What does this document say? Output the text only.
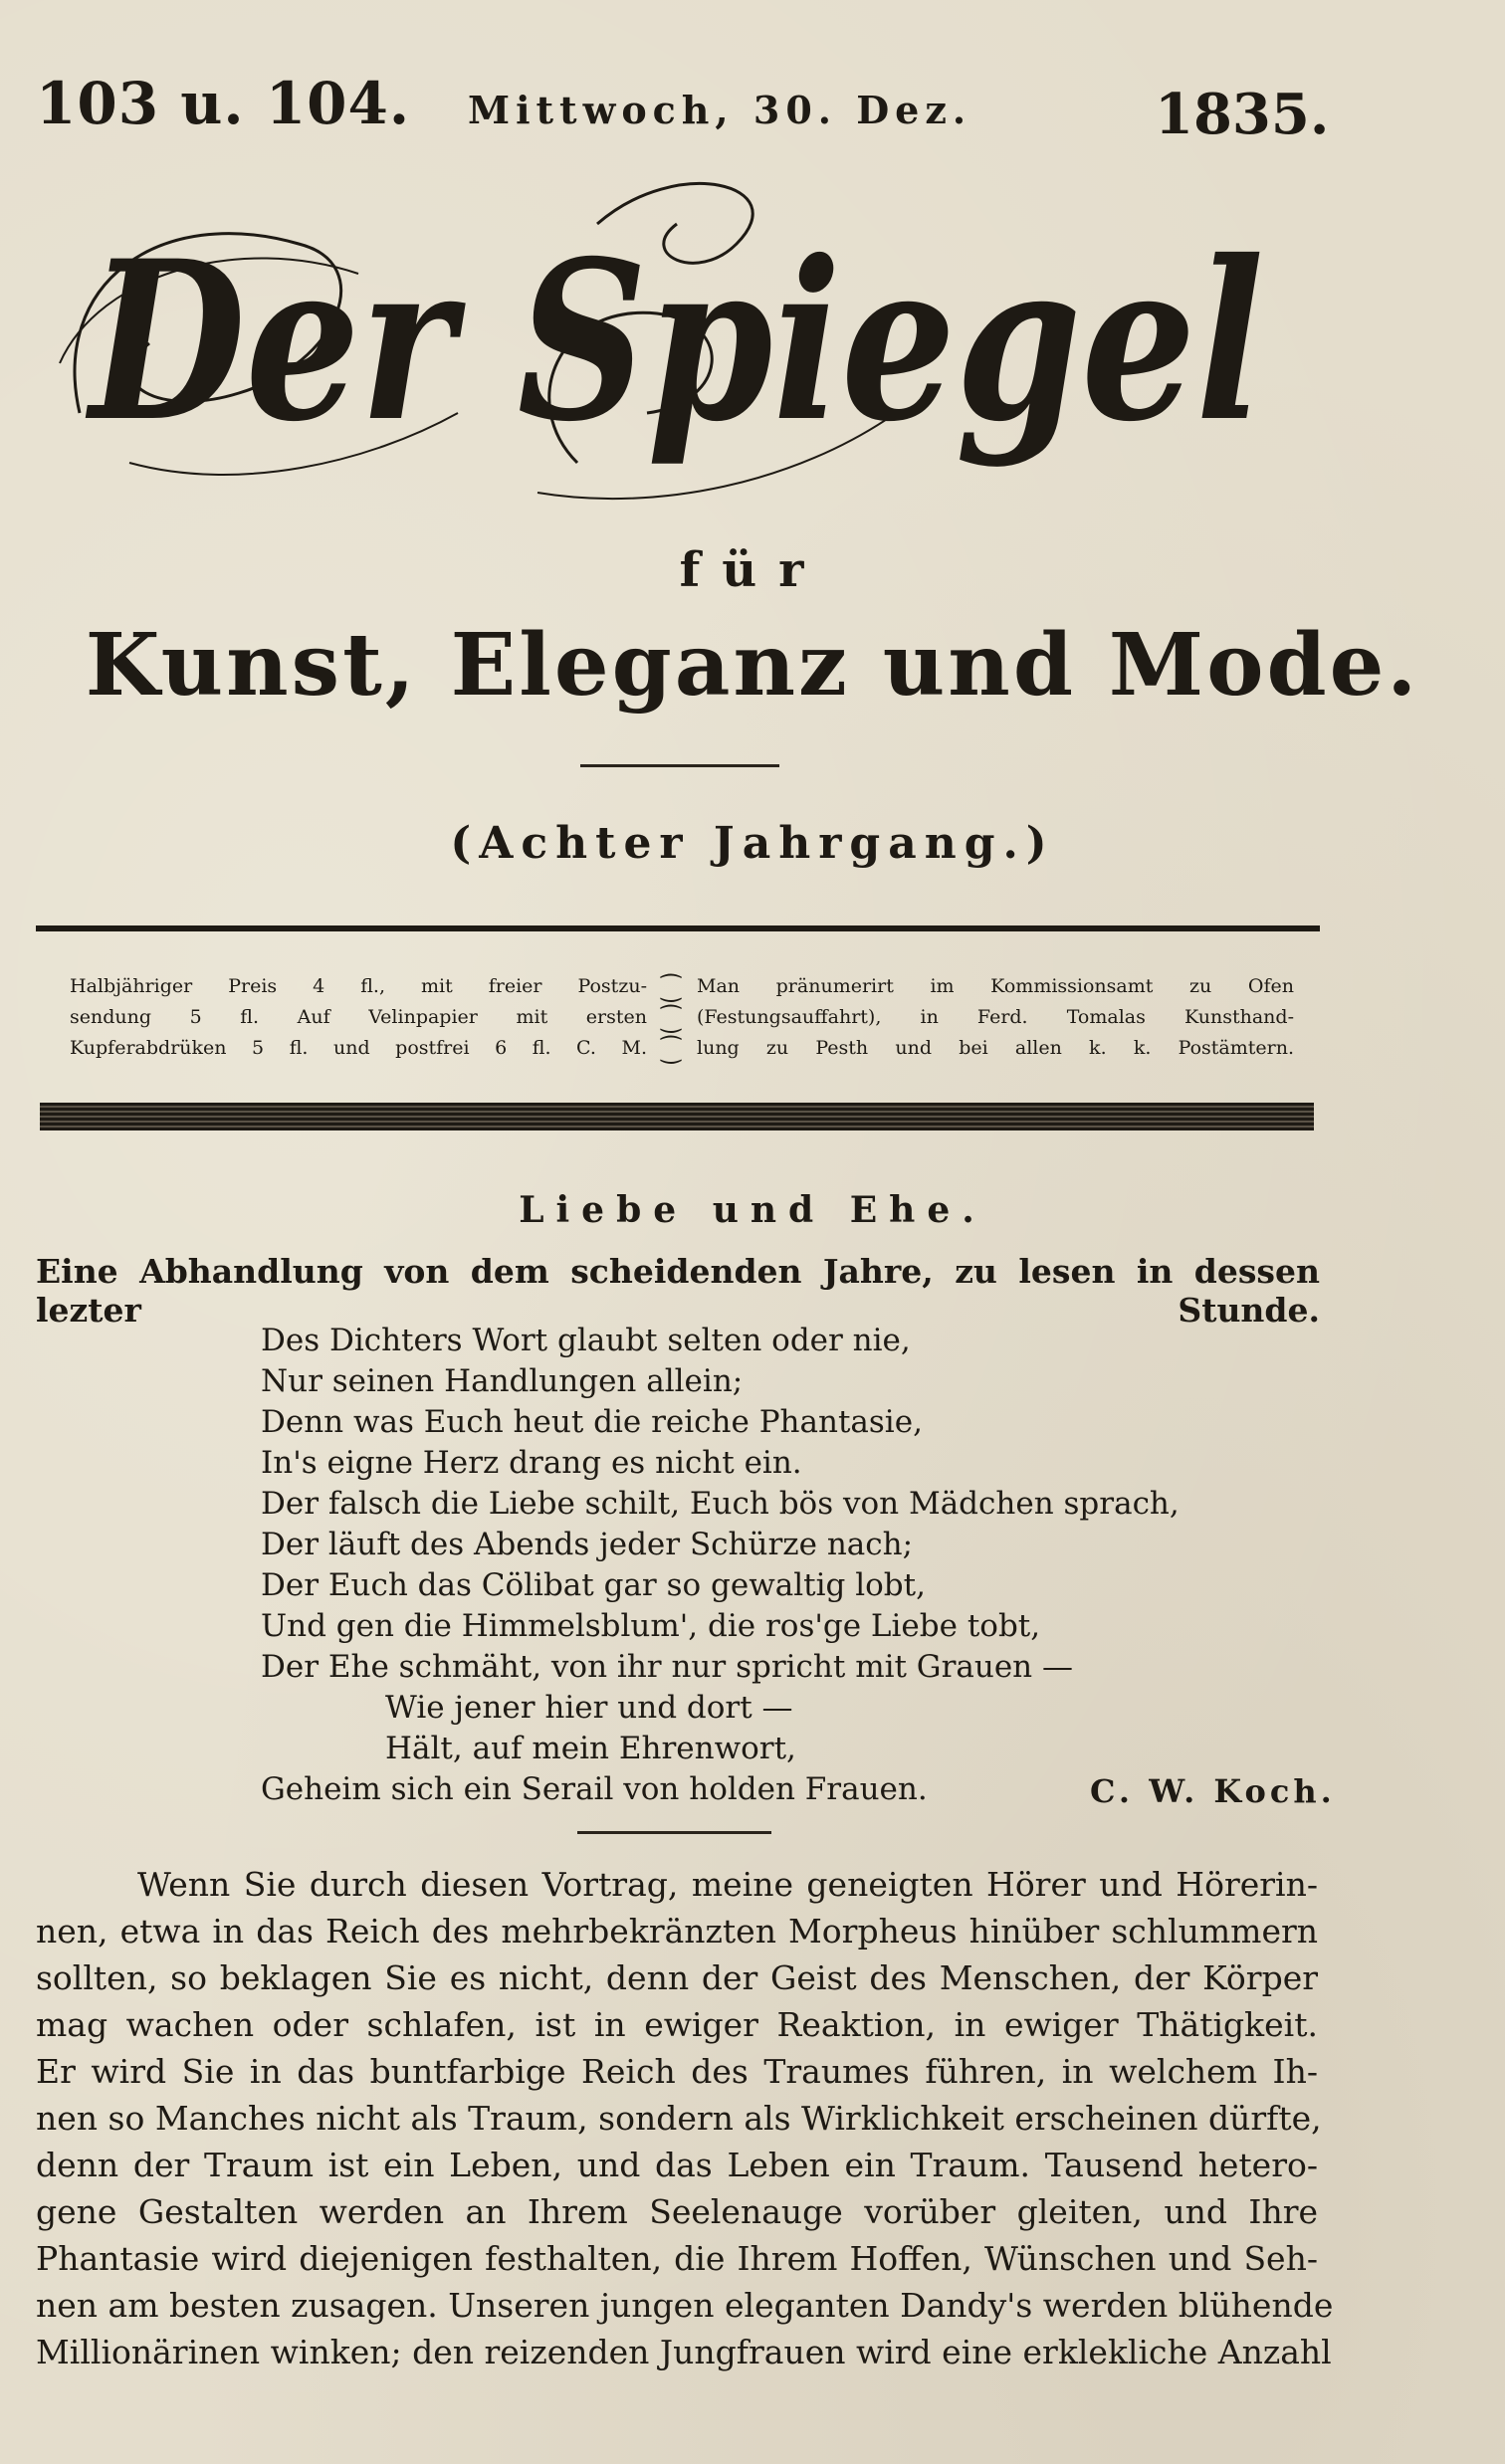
103 u. 104. Mittwoch, 30. Dez.	1835.
Der Spiegel
für
Kunst, Eleganz und Mode.
(Achter Jahrgang.)
Halbjähriger Preis 4 fl., mit freier Postzu-
sendung 5 fl. Auf Velinpapier mit ersten
Kupferabdrüken 5 fl. und postfrei 6 fl. C. M.
⁐
⁐
⁐
Man pränumerirt im Kommissionsamt zu Ofen
(Festungsauffahrt), in Ferd. Tomalas Kunsthand-
lung zu Pesth und bei allen k. k. Postämtern.
Liebe und Ehe.
Eine Abhandlung von dem scheidenden Jahre, zu lesen in dessen lezter Stunde.
Des Dichters Wort glaubt selten oder nie,
Nur seinen Handlungen allein;
Denn was Euch heut die reiche Phantasie,
In's eigne Herz drang es nicht ein.
Der falsch die Liebe schilt, Euch bös von Mädchen sprach,
Der läuft des Abends jeder Schürze nach;
Der Euch das Cölibat gar so gewaltig lobt,
Und gen die Himmelsblum', die ros'ge Liebe tobt,
Der Ehe schmäht, von ihr nur spricht mit Grauen —
Wie jener hier und dort —
Hält, auf mein Ehrenwort,
Geheim sich ein Serail von holden Frauen.	C. W. Koch.
Wenn Sie durch diesen Vortrag, meine geneigten Hörer und Hörerin-
nen, etwa in das Reich des mehrbekränzten Morpheus hinüber schlummern
sollten, so beklagen Sie es nicht, denn der Geist des Menschen, der Körper
mag wachen oder schlafen, ist in ewiger Reaktion, in ewiger Thätigkeit.
Er wird Sie in das buntfarbige Reich des Traumes führen, in welchem Ih-
nen so Manches nicht als Traum, sondern als Wirklichkeit erscheinen dürfte,
denn der Traum ist ein Leben, und das Leben ein Traum. Tausend hetero-
gene Gestalten werden an Ihrem Seelenauge vorüber gleiten, und Ihre
Phantasie wird diejenigen festhalten, die Ihrem Hoffen, Wünschen und Seh-
nen am besten zusagen. Unseren jungen eleganten Dandy's werden blühende
Millionärinen winken; den reizenden Jungfrauen wird eine erklekliche Anzahl
